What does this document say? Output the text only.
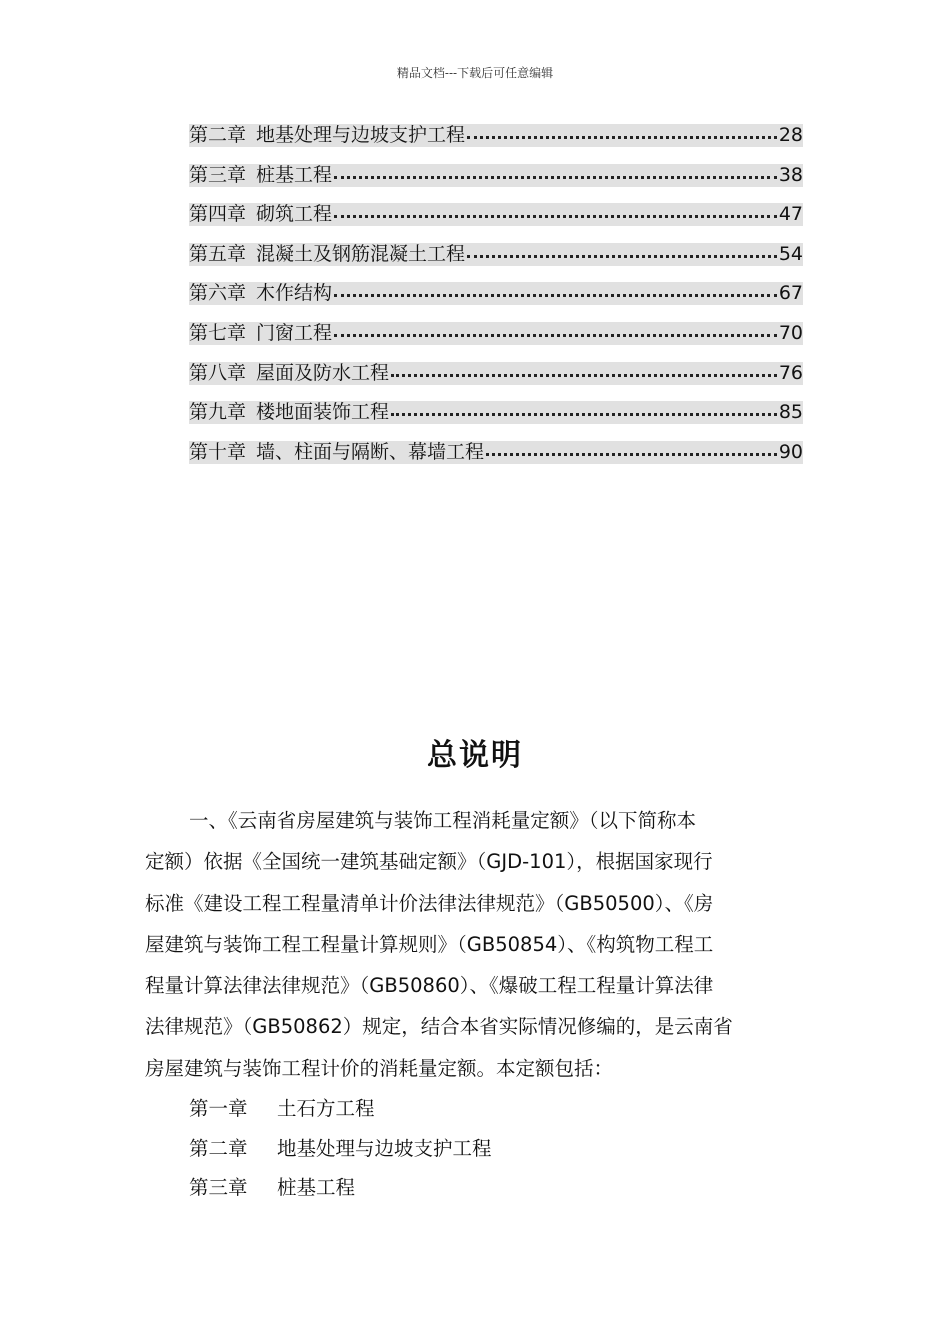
精品文档---下载后可任意编辑
第二章 地基处理与边坡支护工程	28
第三章 桩基工程	38
第四章 砌筑工程	47
第五章 混凝土及钢筋混凝土工程	54
第六章 木作结构	67
第七章 门窗工程	70
第八章 屋面及防水工程	76
第九章 楼地面装饰工程	85
第十章 墙、柱面与隔断、幕墙工程	90
总说明

一、《云南省房屋建筑与装饰工程消耗量定额》（以下简称本

定额）依据《全国统一建筑基础定额》（GJD-101），根据国家现行

标准《建设工程工程量清单计价法律法律规范》（GB50500）、《房

屋建筑与装饰工程工程量计算规则》（GB50854）、《构筑物工程工

程量计算法律法律规范》（GB50860）、《爆破工程工程量计算法律

法律规范》（GB50862）规定，结合本省实际情况修编的，是云南省

房屋建筑与装饰工程计价的消耗量定额。本定额包括：

第一章 土石方工程
第二章 地基处理与边坡支护工程
第三章 桩基工程
